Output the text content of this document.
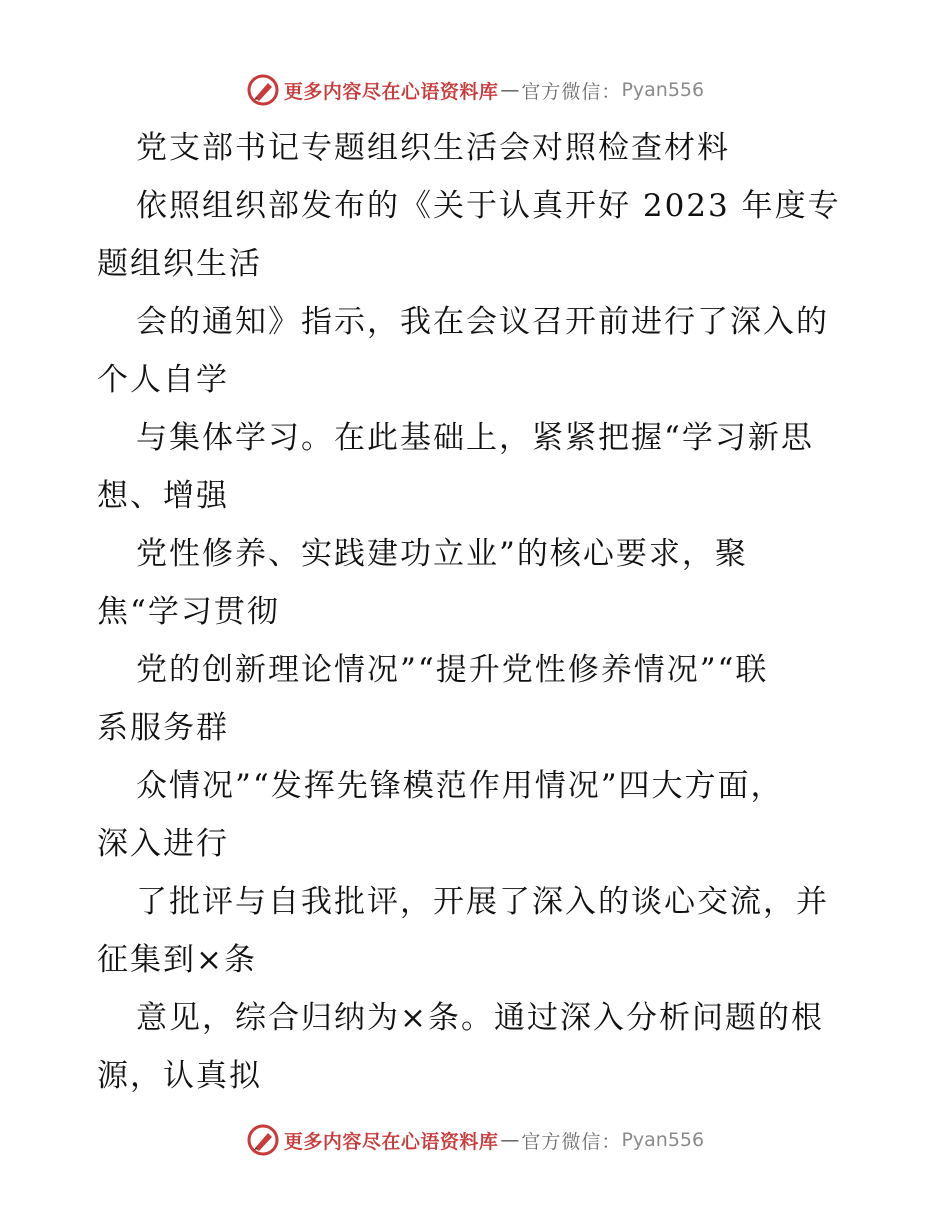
更多内容尽在心语资料库 — 官方微信： Pyan556
党支部书记专题组织生活会对照检查材料
依照组织部发布的《关于认真开好 2023 年度专
题组织生活
会的通知》指示，我在会议召开前进行了深入的
个人自学
与集体学习。在此基础上，紧紧把握“学习新思
想、增强
党性修养、实践建功立业”的核心要求，聚
焦“学习贯彻
党的创新理论情况”“提升党性修养情况”“联
系服务群
众情况”“发挥先锋模范作用情况”四大方面，
深入进行
了批评与自我批评，开展了深入的谈心交流，并
征集到×条
意见，综合归纳为×条。通过深入分析问题的根
源，认真拟
更多内容尽在心语资料库 — 官方微信： Pyan556
